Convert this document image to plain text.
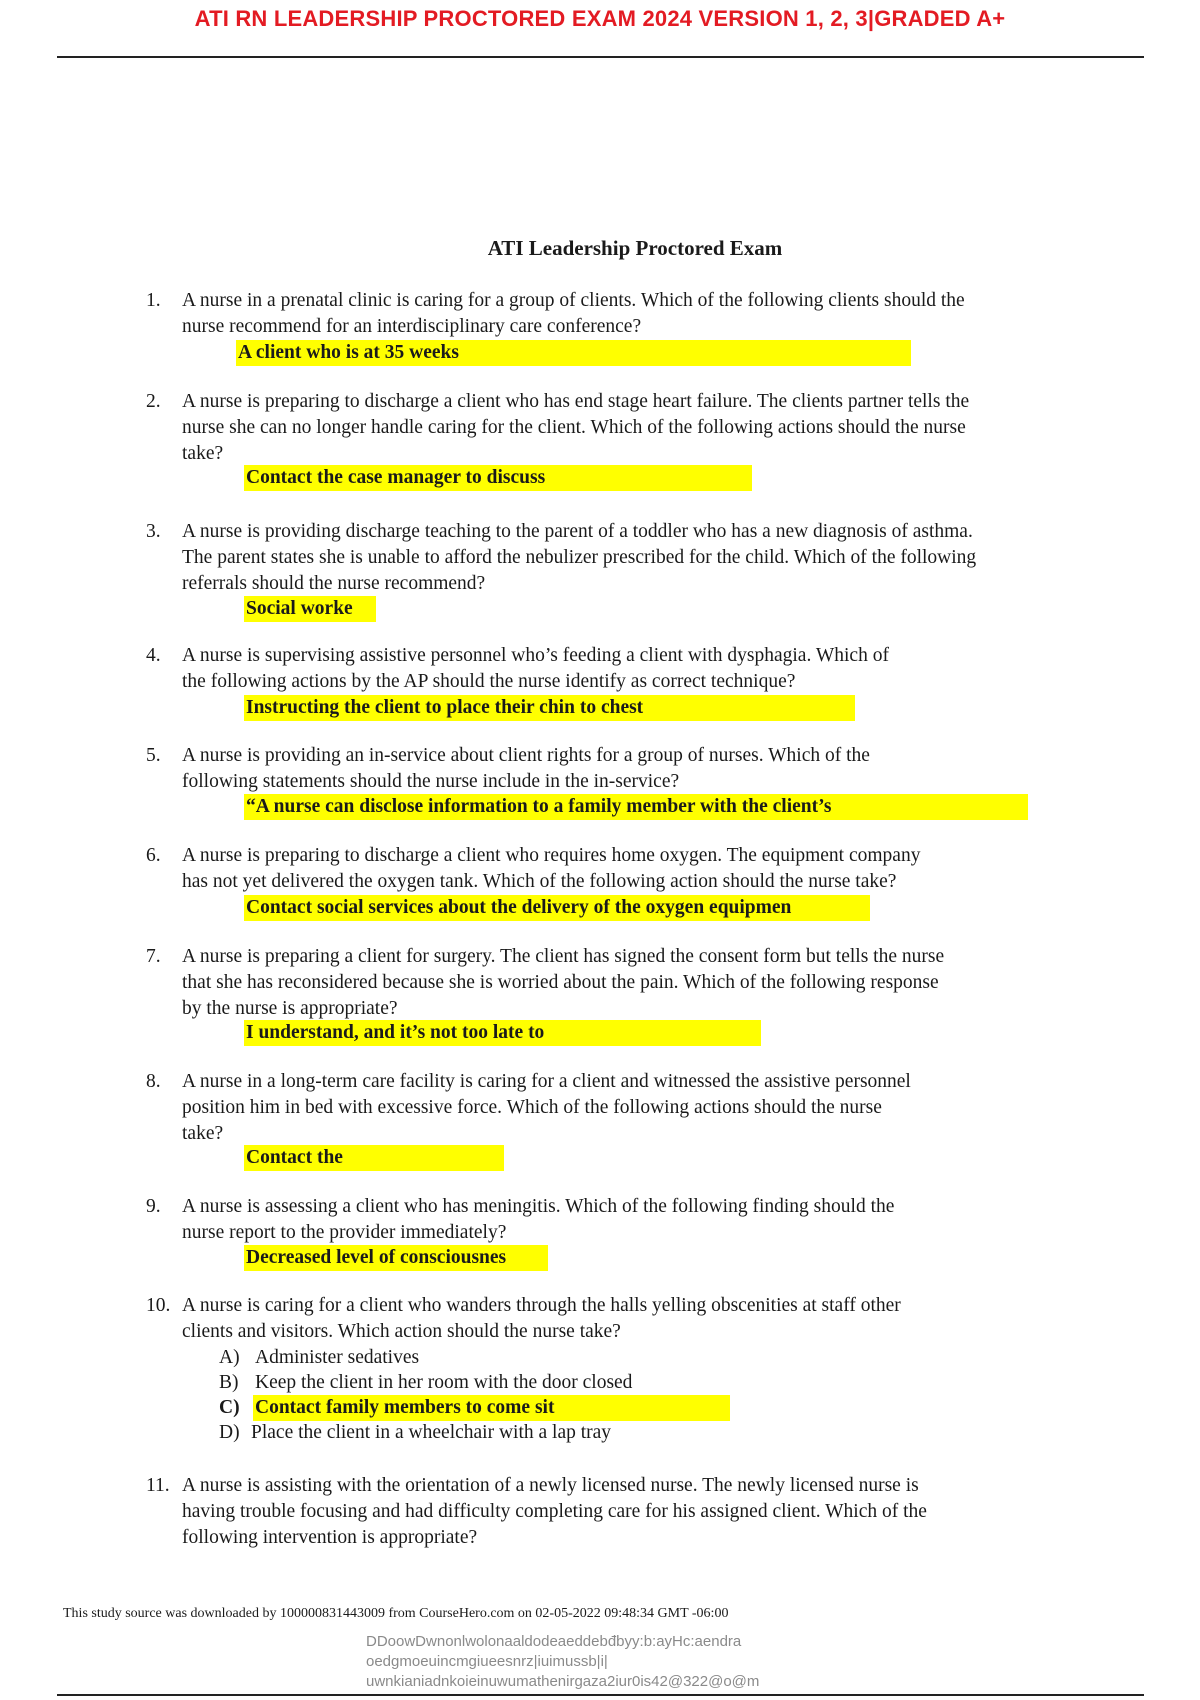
ATI RN LEADERSHIP PROCTORED EXAM 2024 VERSION 1, 2, 3|GRADED A+
ATI Leadership Proctored Exam
1. A nurse in a prenatal clinic is caring for a group of clients. Which of the following clients should the
nurse recommend for an interdisciplinary care conference?
A client who is at 35 weeks
2. A nurse is preparing to discharge a client who has end stage heart failure. The clients partner tells the
nurse she can no longer handle caring for the client. Which of the following actions should the nurse
take?
Contact the case manager to discuss
3. A nurse is providing discharge teaching to the parent of a toddler who has a new diagnosis of asthma.
The parent states she is unable to afford the nebulizer prescribed for the child. Which of the following
referrals should the nurse recommend?
Social worke
4. A nurse is supervising assistive personnel who’s feeding a client with dysphagia. Which of
the following actions by the AP should the nurse identify as correct technique?
Instructing the client to place their chin to chest
5. A nurse is providing an in-service about client rights for a group of nurses. Which of the
following statements should the nurse include in the in-service?
“A nurse can disclose information to a family member with the client’s
6. A nurse is preparing to discharge a client who requires home oxygen. The equipment company
has not yet delivered the oxygen tank. Which of the following action should the nurse take?
Contact social services about the delivery of the oxygen equipmen
7. A nurse is preparing a client for surgery. The client has signed the consent form but tells the nurse
that she has reconsidered because she is worried about the pain. Which of the following response
by the nurse is appropriate?
I understand, and it’s not too late to
8. A nurse in a long-term care facility is caring for a client and witnessed the assistive personnel
position him in bed with excessive force. Which of the following actions should the nurse
take?
Contact the
9. A nurse is assessing a client who has meningitis. Which of the following finding should the
nurse report to the provider immediately?
Decreased level of consciousnes
10. A nurse is caring for a client who wanders through the halls yelling obscenities at staff other
clients and visitors. Which action should the nurse take?
A) Administer sedatives
B) Keep the client in her room with the door closed
C) Contact family members to come sit
D) Place the client in a wheelchair with a lap tray
11. A nurse is assisting with the orientation of a newly licensed nurse. The newly licensed nurse is
having trouble focusing and had difficulty completing care for his assigned client. Which of the
following intervention is appropriate?
This study source was downloaded by 100000831443009 from CourseHero.com on 02-05-2022 09:48:34 GMT -06:00
DDoowDwnonlwolonaaldodeaeddebđbyy:b:ayHc:aendra
oedgmoeuincmgiueesnrz|iuimussb|i|
uwnkianiadnkoieinuwumathenirgaza2iur0is42@322@o@m
